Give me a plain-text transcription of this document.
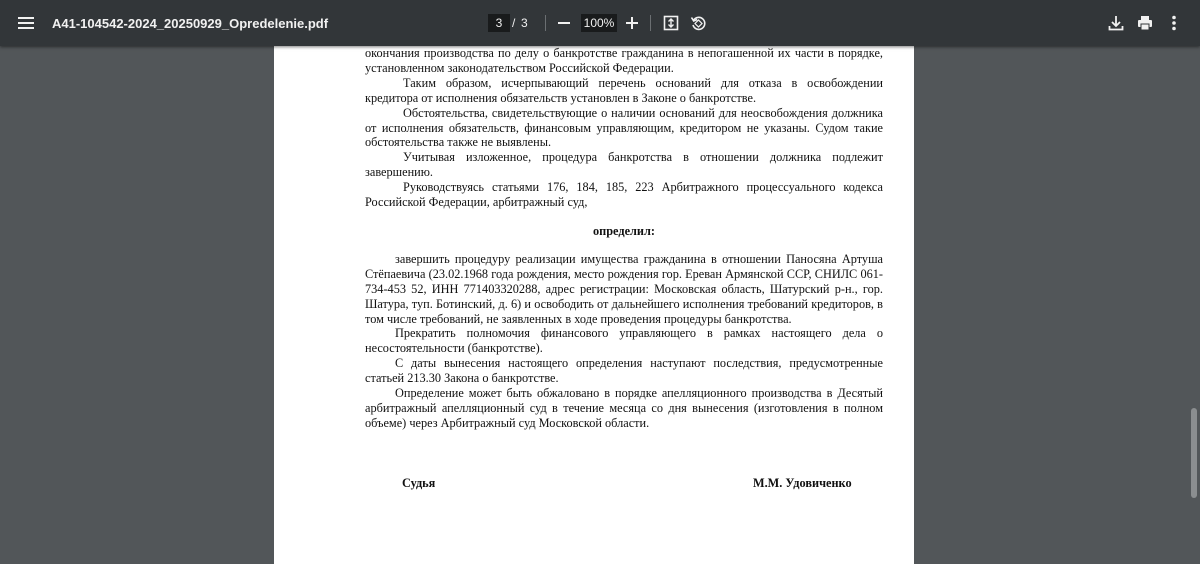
A41-104542-2024_20250929_Opredelenie.pdf
3	/ 3
100%

окончания производства по делу о банкротстве гражданина в непогашенной их части в порядке, установленном законодательством Российской Федерации.

Таким образом, исчерпывающий перечень оснований для отказа в освобождении кредитора от исполнения обязательств установлен в Законе о банкротстве.

Обстоятельства, свидетельствующие о наличии оснований для неосвобождения должника от исполнения обязательств, финансовым управляющим, кредитором не указаны. Судом такие обстоятельства также не выявлены.

Учитывая изложенное, процедура банкротства в отношении должника подлежит завершению.

Руководствуясь статьями 176, 184, 185, 223 Арбитражного процессуального кодекса Российской Федерации, арбитражный суд,

определил:

завершить процедуру реализации имущества гражданина в отношении Паносяна Артуша Стёпаевича (23.02.1968 года рождения, место рождения гор. Ереван Армянской ССР, СНИЛС 061-734-453 52, ИНН 771403320288, адрес регистрации: Московская область, Шатурский р-н., гор. Шатура, туп. Ботинский, д. 6) и освободить от дальнейшего исполнения требований кредиторов, в том числе требований, не заявленных в ходе проведения процедуры банкротства.

Прекратить полномочия финансового управляющего в рамках настоящего дела о несостоятельности (банкротстве).

С даты вынесения настоящего определения наступают последствия, предусмотренные статьей 213.30 Закона о банкротстве.

Определение может быть обжаловано в порядке апелляционного производства в Десятый арбитражный апелляционный суд в течение месяца со дня вынесения (изготовления в полном объеме) через Арбитражный суд Московской области.

Судья	М.М. Удовиченко
